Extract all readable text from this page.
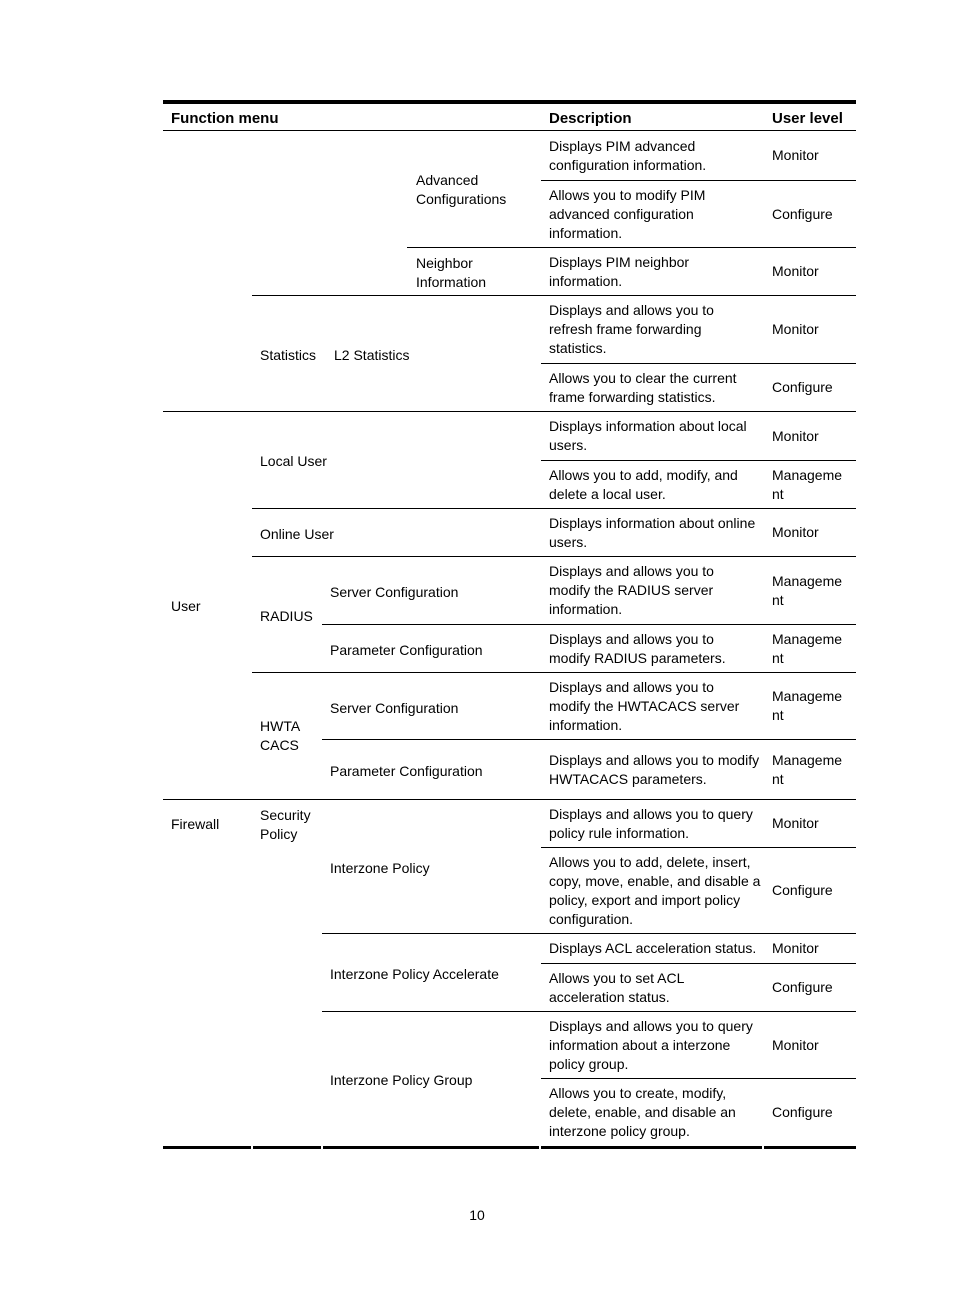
Function menu	Description	User level
Advanced Configurations
Neighbor Information
Statistics L2 Statistics
User
Local User
Online User
RADIUS
Server Configuration
Parameter Configuration
HWTA
CACS
Server Configuration
Parameter Configuration
Firewall
Security Policy
Interzone Policy
Interzone Policy Accelerate
Interzone Policy Group
Displays PIM advanced configuration information.
Monitor
Allows you to modify PIM advanced configuration information.
Configure
Displays PIM neighbor information.
Monitor
Displays and allows you to refresh frame forwarding statistics.
Monitor
Allows you to clear the current frame forwarding statistics.
Configure
Displays information about local users.
Monitor
Allows you to add, modify, and delete a local user.
Manageme nt
Displays information about online users.
Monitor
Displays and allows you to modify the RADIUS server information.
Manageme nt
Displays and allows you to modify RADIUS parameters.
Manageme nt
Displays and allows you to modify the HWTACACS server information.
Manageme nt
Displays and allows you to modify HWTACACS parameters.
Manageme nt
Displays and allows you to query policy rule information.
Monitor
Allows you to add, delete, insert, copy, move, enable, and disable a policy, export and import policy configuration.
Configure
Displays ACL acceleration status. Monitor
Allows you to set ACL acceleration status.
Configure
Displays and allows you to query information about a interzone policy group.
Monitor
Allows you to create, modify, delete, enable, and disable an interzone policy group.
Configure
10
